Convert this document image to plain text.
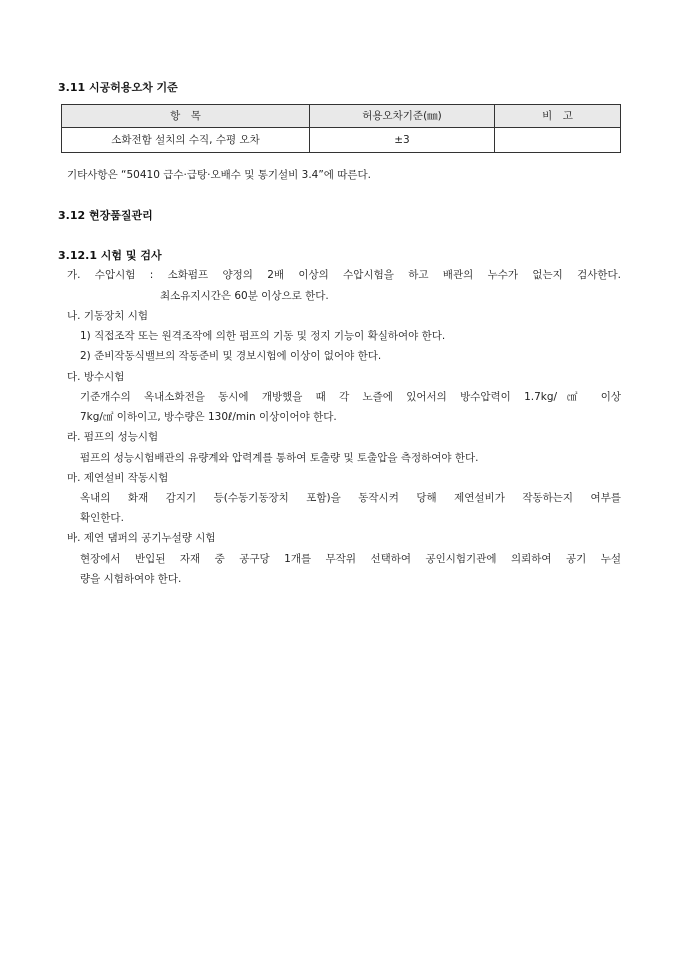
3.11 시공허용오차 기준
항　목	허용오차기준(㎜)	비　고
소화전함 설치의 수직, 수평 오차	±3	
기타사항은 “50410 급수·급탕·오배수 및 통기설비 3.4”에 따른다.
3.12 현장품질관리
3.12.1 시험 및 검사
가. 수압시험 : 소화펌프 양정의 2배 이상의 수압시험을 하고 배관의 누수가 없는지 검사한다.
최소유지시간은 60분 이상으로 한다.
나. 기동장치 시험
1) 직접조작 또는 원격조작에 의한 펌프의 기동 및 정지 기능이 확실하여야 한다.
2) 준비작동식밸브의 작동준비 및 경보시험에 이상이 없어야 한다.
다. 방수시험
기준개수의 옥내소화전을 동시에 개방했을 때 각 노즐에 있어서의 방수압력이 1.7kg/㎠ 이상
7kg/㎠ 이하이고, 방수량은 130ℓ/min 이상이어야 한다.
라. 펌프의 성능시험
펌프의 성능시험배관의 유량계와 압력계를 통하여 토출량 및 토출압을 측정하여야 한다.
마. 제연설비 작동시험
옥내의 화재 감지기 등(수동기동장치 포함)을 동작시켜 당해 제연설비가 작동하는지 여부를
확인한다.
바. 제연 댐퍼의 공기누설량 시험
현장에서 반입된 자재 중 공구당 1개를 무작위 선택하여 공인시험기관에 의뢰하여 공기 누설
량을 시험하여야 한다.
